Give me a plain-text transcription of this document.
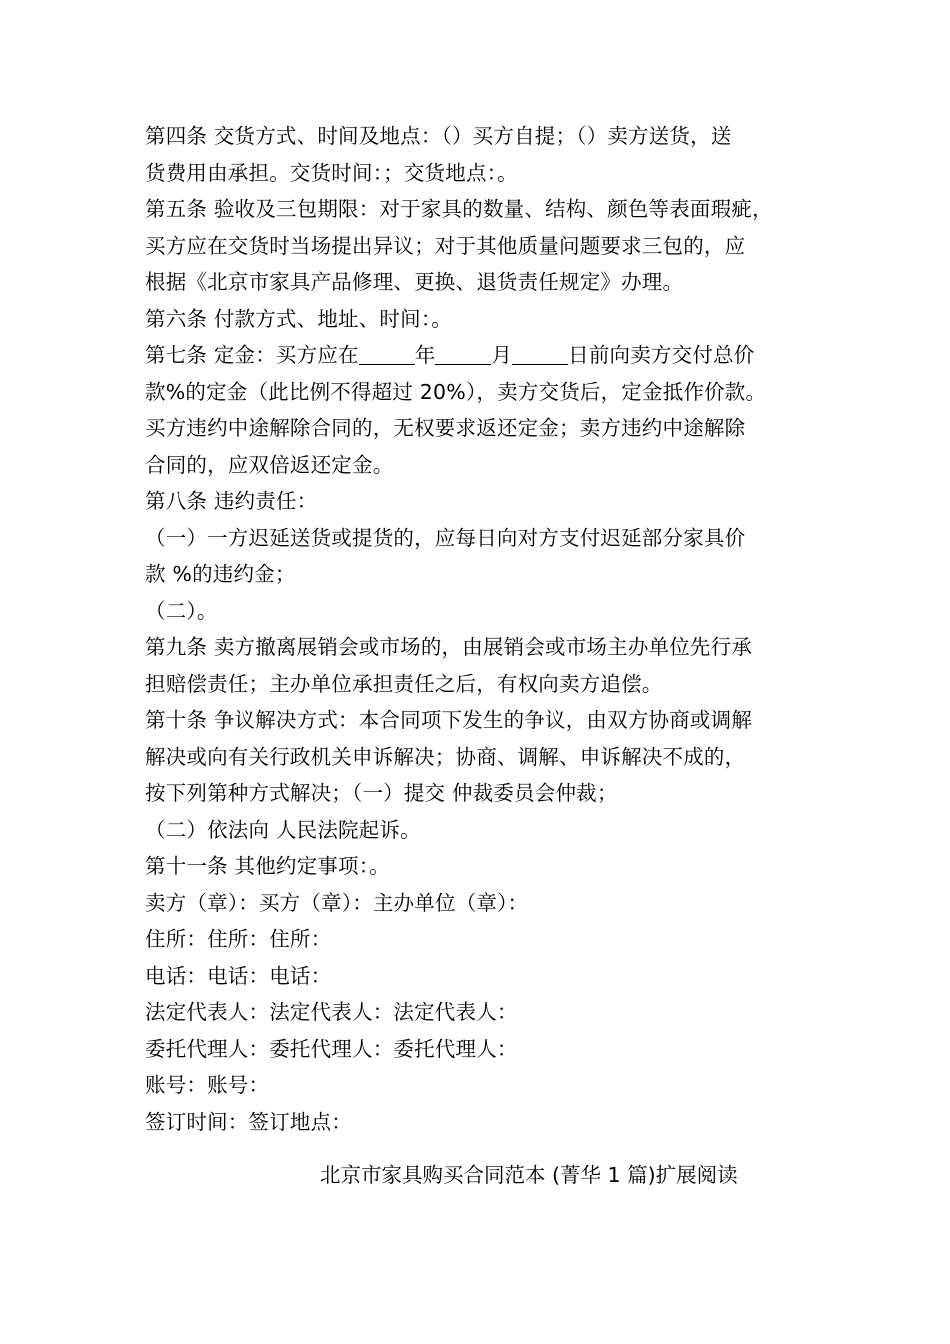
第四条 交货方式、时间及地点：（）买方自提；（）卖方送货，送
货费用由承担。交货时间：；交货地点：。
第五条 验收及三包期限：对于家具的数量、结构、颜色等表面瑕疵，
买方应在交货时当场提出异议；对于其他质量问题要求三包的，应
根据《北京市家具产品修理、更换、退货责任规定》办理。
第六条 付款方式、地址、时间：。
第七条 定金：买方应在	年	月	日前向卖方交付总价
款%的定金（此比例不得超过 20%），卖方交货后，定金抵作价款。
买方违约中途解除合同的，无权要求返还定金；卖方违约中途解除
合同的，应双倍返还定金。
第八条 违约责任：
（一）一方迟延送货或提货的，应每日向对方支付迟延部分家具价
款 %的违约金；
（二）。
第九条 卖方撤离展销会或市场的，由展销会或市场主办单位先行承
担赔偿责任；主办单位承担责任之后，有权向卖方追偿。
第十条 争议解决方式：本合同项下发生的争议，由双方协商或调解
解决或向有关行政机关申诉解决；协商、调解、申诉解决不成的，
按下列第种方式解决；（一）提交 仲裁委员会仲裁；
（二）依法向 人民法院起诉。
第十一条 其他约定事项：。
卖方（章）：买方（章）：主办单位（章）：
住所：住所：住所：
电话：电话：电话：
法定代表人：法定代表人：法定代表人：
委托代理人：委托代理人：委托代理人：
账号：账号：
签订时间：签订地点：
北京市家具购买合同范本 (菁华 1 篇)扩展阅读
